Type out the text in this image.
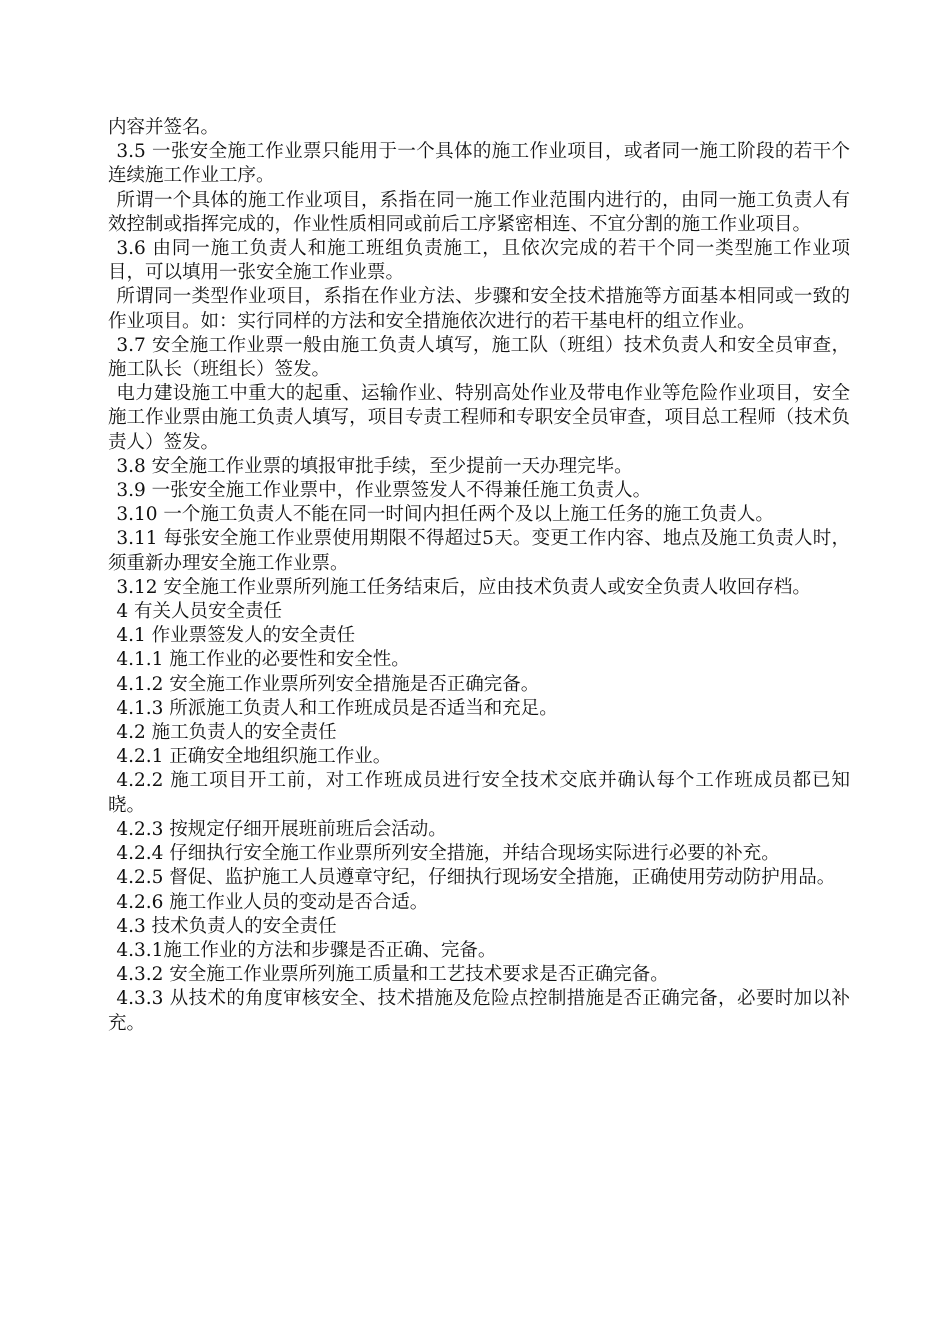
内容并签名。

3.5 一张安全施工作业票只能用于一个具体的施工作业项目，或者同一施工阶段的若干个连续施工作业工序。

所谓一个具体的施工作业项目，系指在同一施工作业范围内进行的，由同一施工负责人有效控制或指挥完成的，作业性质相同或前后工序紧密相连、不宜分割的施工作业项目。

3.6 由同一施工负责人和施工班组负责施工，且依次完成的若干个同一类型施工作业项目，可以填用一张安全施工作业票。

所谓同一类型作业项目，系指在作业方法、步骤和安全技术措施等方面基本相同或一致的作业项目。如：实行同样的方法和安全措施依次进行的若干基电杆的组立作业。

3.7 安全施工作业票一般由施工负责人填写，施工队（班组）技术负责人和安全员审查，施工队长（班组长）签发。

电力建设施工中重大的起重、运输作业、特别高处作业及带电作业等危险作业项目，安全施工作业票由施工负责人填写，项目专责工程师和专职安全员审查，项目总工程师（技术负责人）签发。

3.8 安全施工作业票的填报审批手续，至少提前一天办理完毕。

3.9 一张安全施工作业票中，作业票签发人不得兼任施工负责人。

3.10 一个施工负责人不能在同一时间内担任两个及以上施工任务的施工负责人。

3.11 每张安全施工作业票使用期限不得超过5天。变更工作内容、地点及施工负责人时，须重新办理安全施工作业票。

3.12 安全施工作业票所列施工任务结束后，应由技术负责人或安全负责人收回存档。

4 有关人员安全责任

4.1 作业票签发人的安全责任

4.1.1 施工作业的必要性和安全性。

4.1.2 安全施工作业票所列安全措施是否正确完备。

4.1.3 所派施工负责人和工作班成员是否适当和充足。

4.2 施工负责人的安全责任

4.2.1 正确安全地组织施工作业。

4.2.2 施工项目开工前，对工作班成员进行安全技术交底并确认每个工作班成员都已知晓。

4.2.3 按规定仔细开展班前班后会活动。

4.2.4 仔细执行安全施工作业票所列安全措施，并结合现场实际进行必要的补充。

4.2.5 督促、监护施工人员遵章守纪，仔细执行现场安全措施，正确使用劳动防护用品。

4.2.6 施工作业人员的变动是否合适。

4.3 技术负责人的安全责任

4.3.1施工作业的方法和步骤是否正确、完备。

4.3.2 安全施工作业票所列施工质量和工艺技术要求是否正确完备。

4.3.3 从技术的角度审核安全、技术措施及危险点控制措施是否正确完备，必要时加以补充。
